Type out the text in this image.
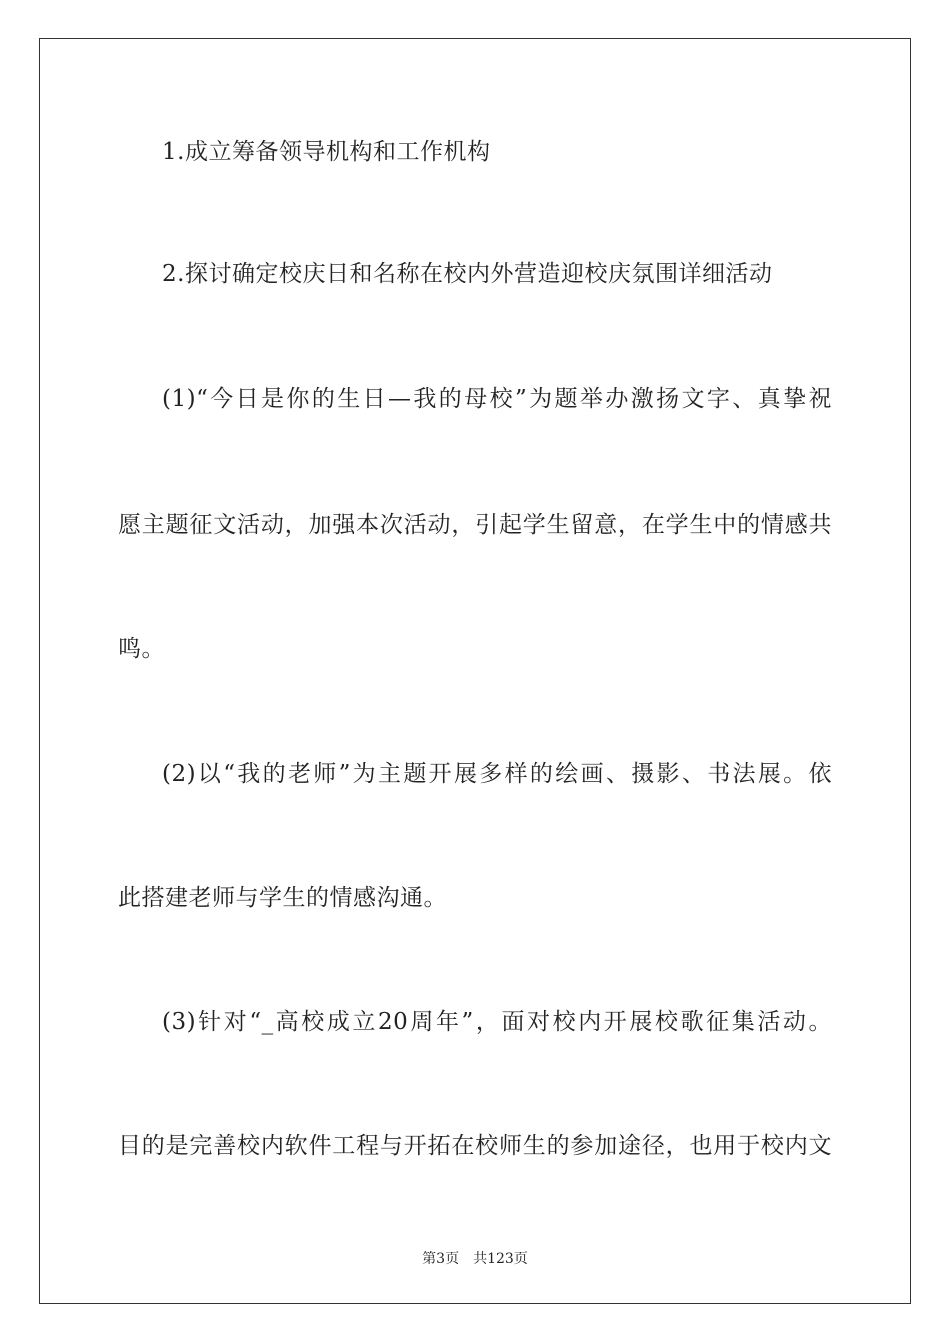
1.成立筹备领导机构和工作机构
2.探讨确定校庆日和名称在校内外营造迎校庆氛围详细活动
(1)“今日是你的生日—我的母校”为题举办激扬文字、真挚祝
愿主题征文活动，加强本次活动，引起学生留意，在学生中的情感共
鸣。
(2)以“我的老师”为主题开展多样的绘画、摄影、书法展。依
此搭建老师与学生的情感沟通。
(3)针对“_高校成立20周年”，面对校内开展校歌征集活动。
目的是完善校内软件工程与开拓在校师生的参加途径，也用于校内文
第3页 共123页
